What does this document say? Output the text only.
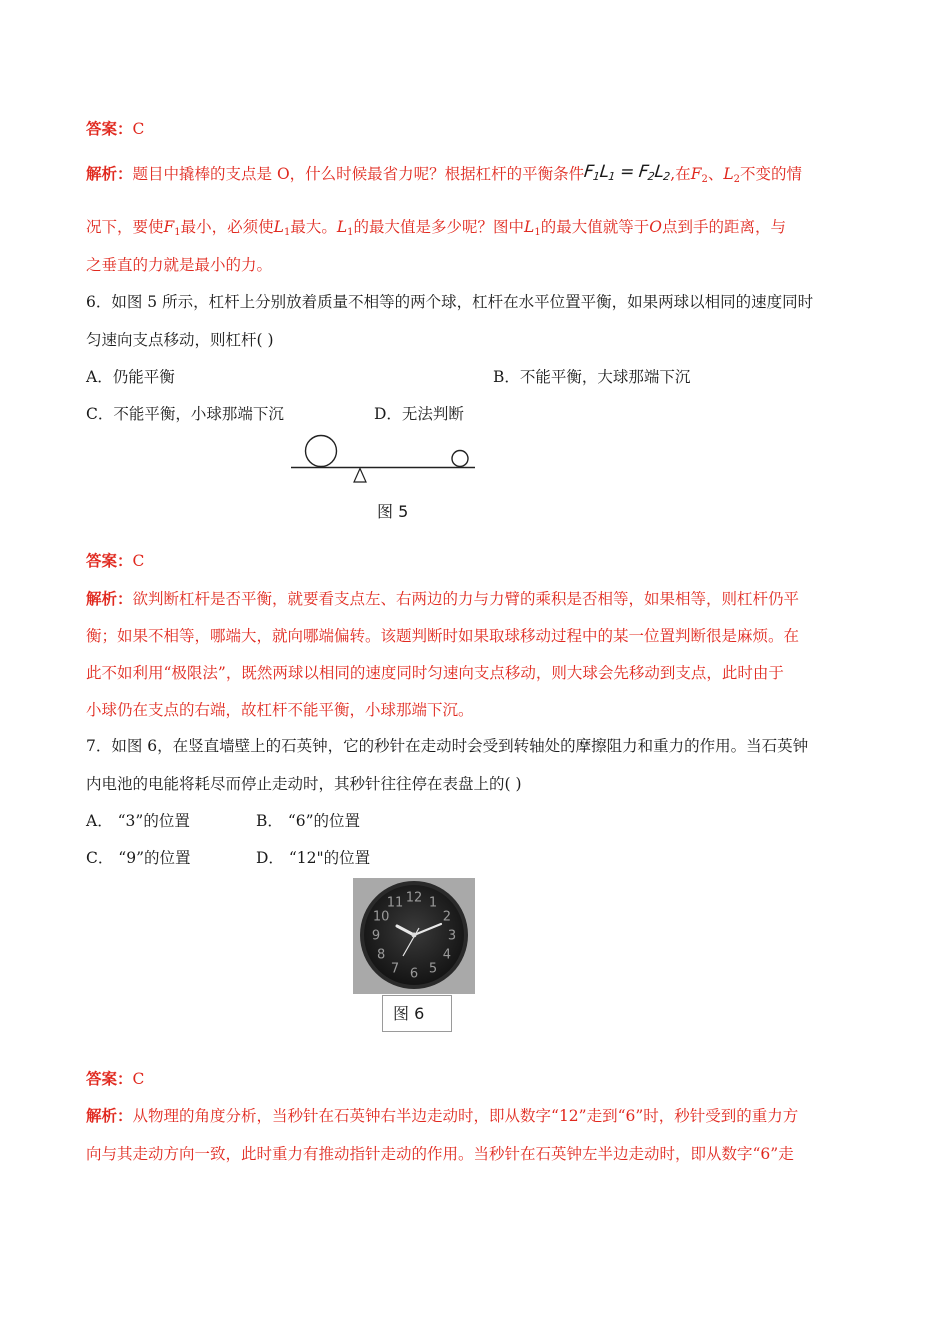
答案：C
解析：题目中撬棒的支点是 O，什么时候最省力呢？根据杠杆的平衡条件$F_1L_1 = F_2L_2$,在$F_2$、$L_2$不变的情
况下，要使$F_1$最小，必须使$L_1$最大。$L_1$的最大值是多少呢？图中$L_1$的最大值就等于O点到手的距离，与
之垂直的力就是最小的力。
6．如图 5 所示，杠杆上分别放着质量不相等的两个球，杠杆在水平位置平衡，如果两球以相同的速度同时
匀速向支点移动，则杠杆( )
A．仍能平衡	B．不能平衡，大球那端下沉
C．不能平衡，小球那端下沉	D．无法判断
图 5
答案：C
解析：欲判断杠杆是否平衡，就要看支点左、右两边的力与力臂的乘积是否相等，如果相等，则杠杆仍平
衡；如果不相等，哪端大，就向哪端偏转。该题判断时如果取球移动过程中的某一位置判断很是麻烦。在
此不如利用“极限法”，既然两球以相同的速度同时匀速向支点移动，则大球会先移动到支点，此时由于
小球仍在支点的右端，故杠杆不能平衡，小球那端下沉。
7．如图 6，在竖直墙壁上的石英钟，它的秒针在走动时会受到转轴处的摩擦阻力和重力的作用。当石英钟
内电池的电能将耗尽而停止走动时，其秒针往往停在表盘上的( )
A． “3”的位置	B． “6”的位置
C． “9”的位置	D． “12"的位置
12
3
6
9
2
4
5
7
8
10
11 1
图 6
答案：C
解析：从物理的角度分析，当秒针在石英钟右半边走动时，即从数字“12”走到“6”时，秒针受到的重力方
向与其走动方向一致，此时重力有推动指针走动的作用。当秒针在石英钟左半边走动时，即从数字“6”走
